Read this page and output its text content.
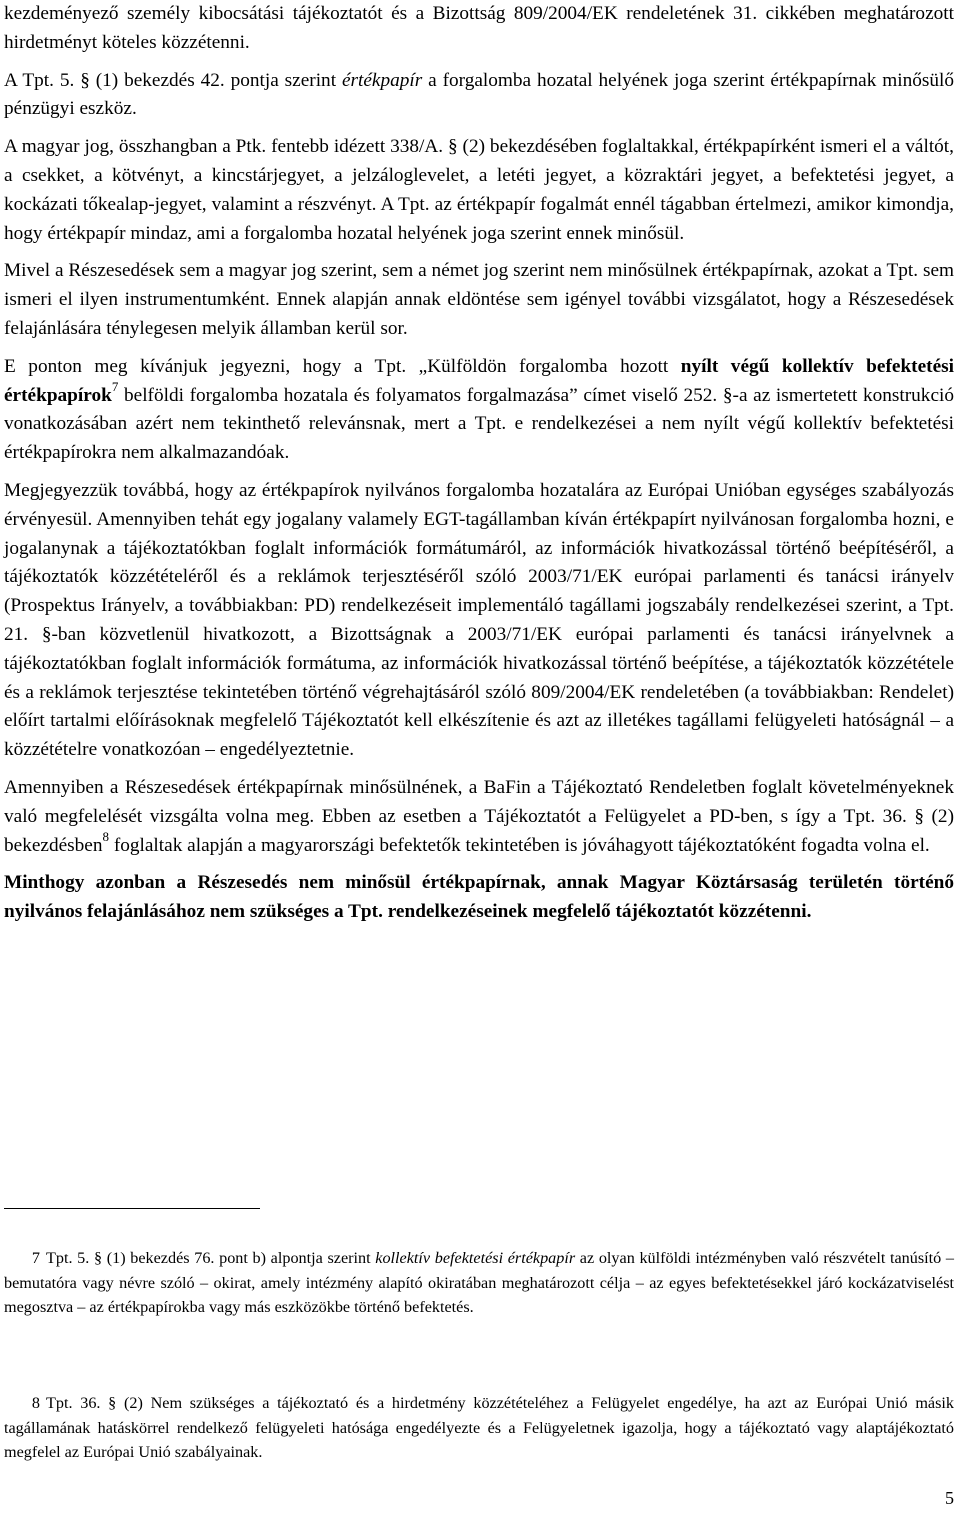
kezdeményező személy kibocsátási tájékoztatót és a Bizottság 809/2004/EK rendeletének 31. cikkében meghatározott hirdetményt köteles közzétenni.

A Tpt. 5. § (1) bekezdés 42. pontja szerint értékpapír a forgalomba hozatal helyének joga szerint értékpapírnak minősülő pénzügyi eszköz.

A magyar jog, összhangban a Ptk. fentebb idézett 338/A. § (2) bekezdésében foglaltakkal, értékpapírként ismeri el a váltót, a csekket, a kötvényt, a kincstárjegyet, a jelzáloglevelet, a letéti jegyet, a közraktári jegyet, a befektetési jegyet, a kockázati tőkealap-jegyet, valamint a részvényt. A Tpt. az értékpapír fogalmát ennél tágabban értelmezi, amikor kimondja, hogy értékpapír mindaz, ami a forgalomba hozatal helyének joga szerint ennek minősül.

Mivel a Részesedések sem a magyar jog szerint, sem a német jog szerint nem minősülnek értékpapírnak, azokat a Tpt. sem ismeri el ilyen instrumentumként. Ennek alapján annak eldöntése sem igényel további vizsgálatot, hogy a Részesedések felajánlására ténylegesen melyik államban kerül sor.

E ponton meg kívánjuk jegyezni, hogy a Tpt. „Külföldön forgalomba hozott nyílt végű kollektív befektetési értékpapírok$^7$ belföldi forgalomba hozatala és folyamatos forgalmazása” címet viselő 252. §-a az ismertetett konstrukció vonatkozásában azért nem tekinthető relevánsnak, mert a Tpt. e rendelkezései a nem nyílt végű kollektív befektetési értékpapírokra nem alkalmazandóak.

Megjegyezzük továbbá, hogy az értékpapírok nyilvános forgalomba hozatalára az Európai Unióban egységes szabályozás érvényesül. Amennyiben tehát egy jogalany valamely EGT-tagállamban kíván értékpapírt nyilvánosan forgalomba hozni, e jogalanynak a tájékoztatókban foglalt információk formátumáról, az információk hivatkozással történő beépítéséről, a tájékoztatók közzétételéről és a reklámok terjesztéséről szóló 2003/71/EK európai parlamenti és tanácsi irányelv (Prospektus Irányelv, a továbbiakban: PD) rendelkezéseit implementáló tagállami jogszabály rendelkezései szerint, a Tpt. 21. §-ban közvetlenül hivatkozott, a Bizottságnak a 2003/71/EK európai parlamenti és tanácsi irányelvnek a tájékoztatókban foglalt információk formátuma, az információk hivatkozással történő beépítése, a tájékoztatók közzététele és a reklámok terjesztése tekintetében történő végrehajtásáról szóló 809/2004/EK rendeletében (a továbbiakban: Rendelet) előírt tartalmi előírásoknak megfelelő Tájékoztatót kell elkészítenie és azt az illetékes tagállami felügyeleti hatóságnál – a közzétételre vonatkozóan – engedélyeztetnie.

Amennyiben a Részesedések értékpapírnak minősülnének, a BaFin a Tájékoztató Rendeletben foglalt követelményeknek való megfelelését vizsgálta volna meg. Ebben az esetben a Tájékoztatót a Felügyelet a PD-ben, s így a Tpt. 36. § (2) bekezdésben$^8$ foglaltak alapján a magyarországi befektetők tekintetében is jóváhagyott tájékoztatóként fogadta volna el.

Minthogy azonban a Részesedés nem minősül értékpapírnak, annak Magyar Köztársaság területén történő nyilvános felajánlásához nem szükséges a Tpt. rendelkezéseinek megfelelő tájékoztatót közzétenni.

7 Tpt. 5. § (1) bekezdés 76. pont b) alpontja szerint kollektív befektetési értékpapír az olyan külföldi intézményben való részvételt tanúsító – bemutatóra vagy névre szóló – okirat, amely intézmény alapító okiratában meghatározott célja – az egyes befektetésekkel járó kockázatviselést megosztva – az értékpapírokba vagy más eszközökbe történő befektetés.
8 Tpt. 36. § (2) Nem szükséges a tájékoztató és a hirdetmény közzétételéhez a Felügyelet engedélye, ha azt az Európai Unió másik tagállamának hatáskörrel rendelkező felügyeleti hatósága engedélyezte és a Felügyeletnek igazolja, hogy a tájékoztató vagy alaptájékoztató megfelel az Európai Unió szabályainak.
5
